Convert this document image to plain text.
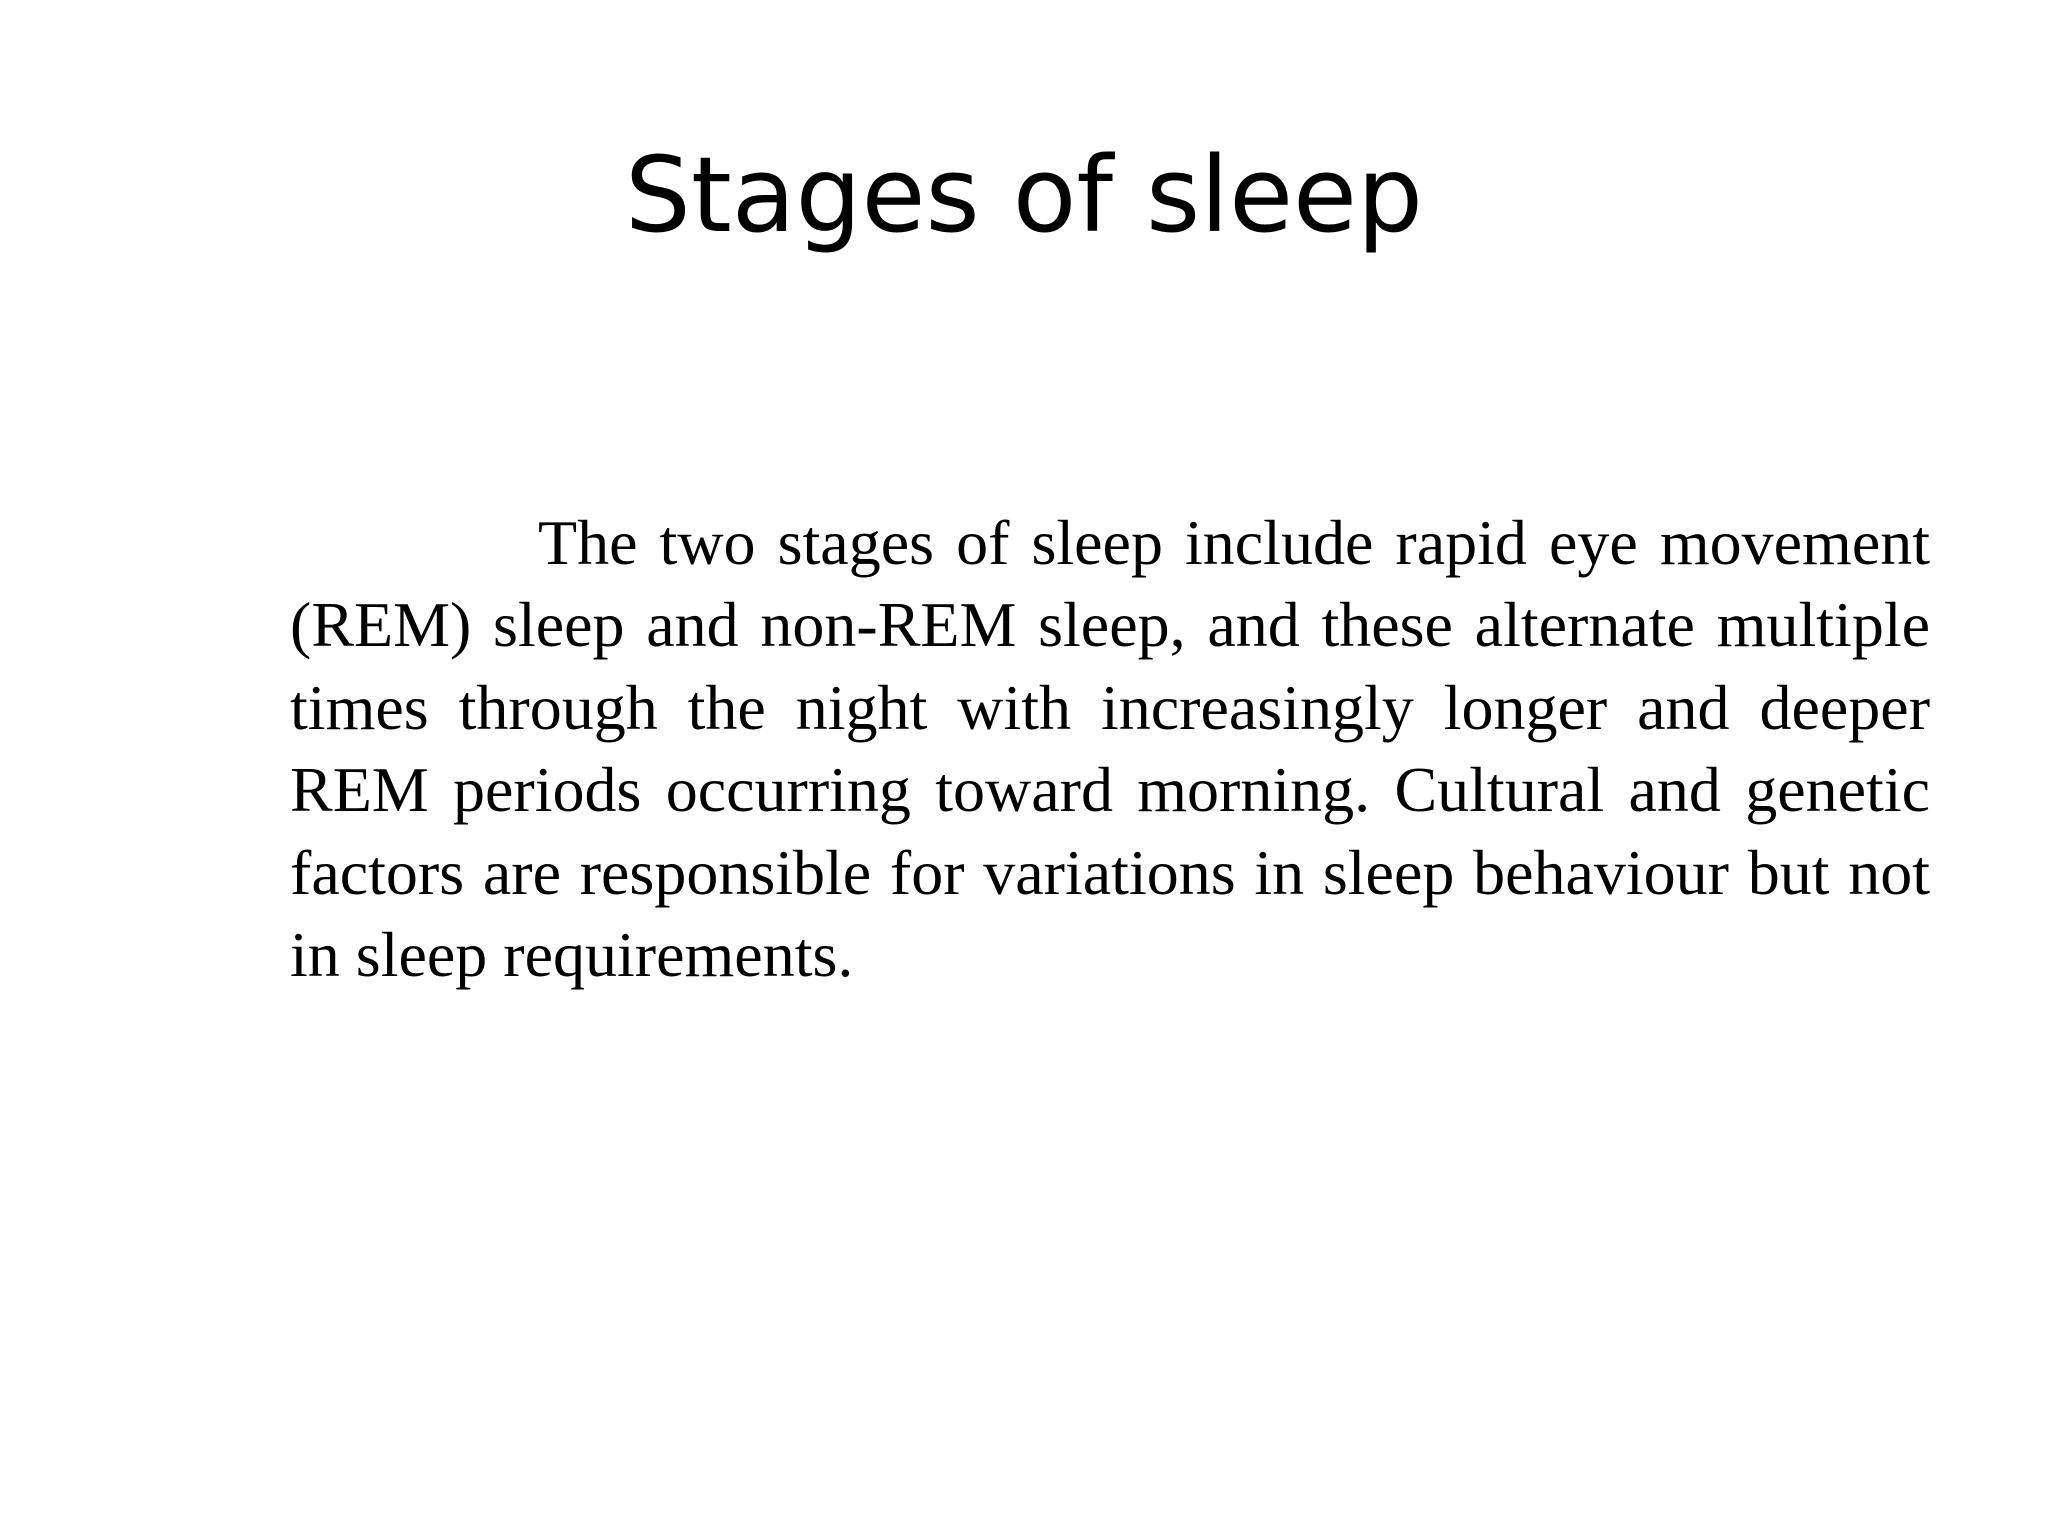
Stages of sleep

The two stages of sleep include rapid eye movement (REM) sleep and non-REM sleep, and these alternate multiple times through the night with increasingly longer and deeper REM periods occurring toward morning. Cultural and genetic factors are responsible for variations in sleep behaviour but not in sleep requirements.
